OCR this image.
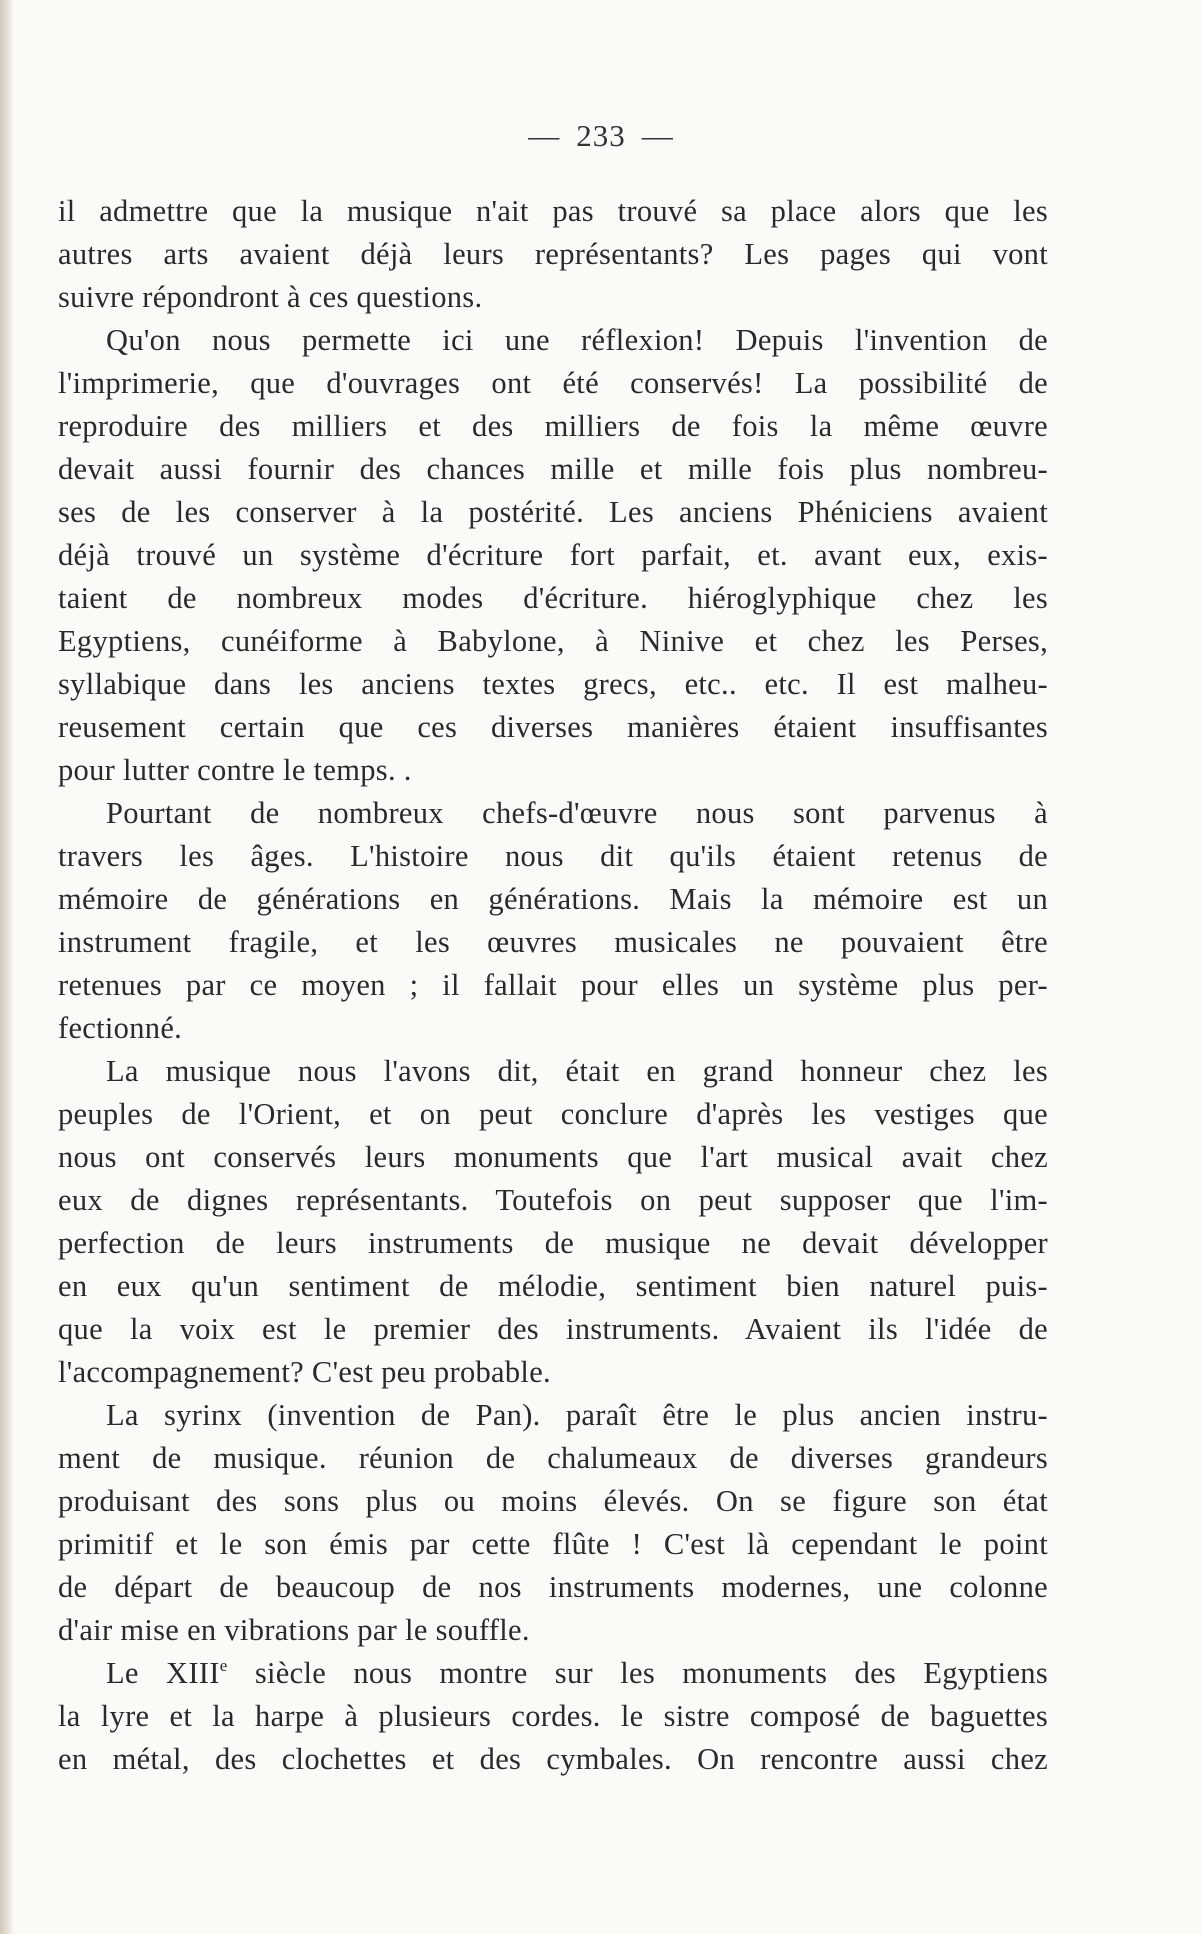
— 233 —
il admettre que la musique n'ait pas trouvé sa place alors que les
autres arts avaient déjà leurs représentants? Les pages qui vont
suivre répondront à ces questions.
Qu'on nous permette ici une réflexion! Depuis l'invention de
l'imprimerie, que d'ouvrages ont été conservés! La possibilité de
reproduire des milliers et des milliers de fois la même œuvre
devait aussi fournir des chances mille et mille fois plus nombreu-
ses de les conserver à la postérité. Les anciens Phéniciens avaient
déjà trouvé un système d'écriture fort parfait, et. avant eux, exis-
taient de nombreux modes d'écriture. hiéroglyphique chez les
Egyptiens, cunéiforme à Babylone, à Ninive et chez les Perses,
syllabique dans les anciens textes grecs, etc.. etc. Il est malheu-
reusement certain que ces diverses manières étaient insuffisantes
pour lutter contre le temps. .
Pourtant de nombreux chefs-d'œuvre nous sont parvenus à
travers les âges. L'histoire nous dit qu'ils étaient retenus de
mémoire de générations en générations. Mais la mémoire est un
instrument fragile, et les œuvres musicales ne pouvaient être
retenues par ce moyen ; il fallait pour elles un système plus per-
fectionné.
La musique nous l'avons dit, était en grand honneur chez les
peuples de l'Orient, et on peut conclure d'après les vestiges que
nous ont conservés leurs monuments que l'art musical avait chez
eux de dignes représentants. Toutefois on peut supposer que l'im-
perfection de leurs instruments de musique ne devait développer
en eux qu'un sentiment de mélodie, sentiment bien naturel puis-
que la voix est le premier des instruments. Avaient ils l'idée de
l'accompagnement? C'est peu probable.
La syrinx (invention de Pan). paraît être le plus ancien instru-
ment de musique. réunion de chalumeaux de diverses grandeurs
produisant des sons plus ou moins élevés. On se figure son état
primitif et le son émis par cette flûte ! C'est là cependant le point
de départ de beaucoup de nos instruments modernes, une colonne
d'air mise en vibrations par le souffle.
Le XIIIe siècle nous montre sur les monuments des Egyptiens
la lyre et la harpe à plusieurs cordes. le sistre composé de baguettes
en métal, des clochettes et des cymbales. On rencontre aussi chez
